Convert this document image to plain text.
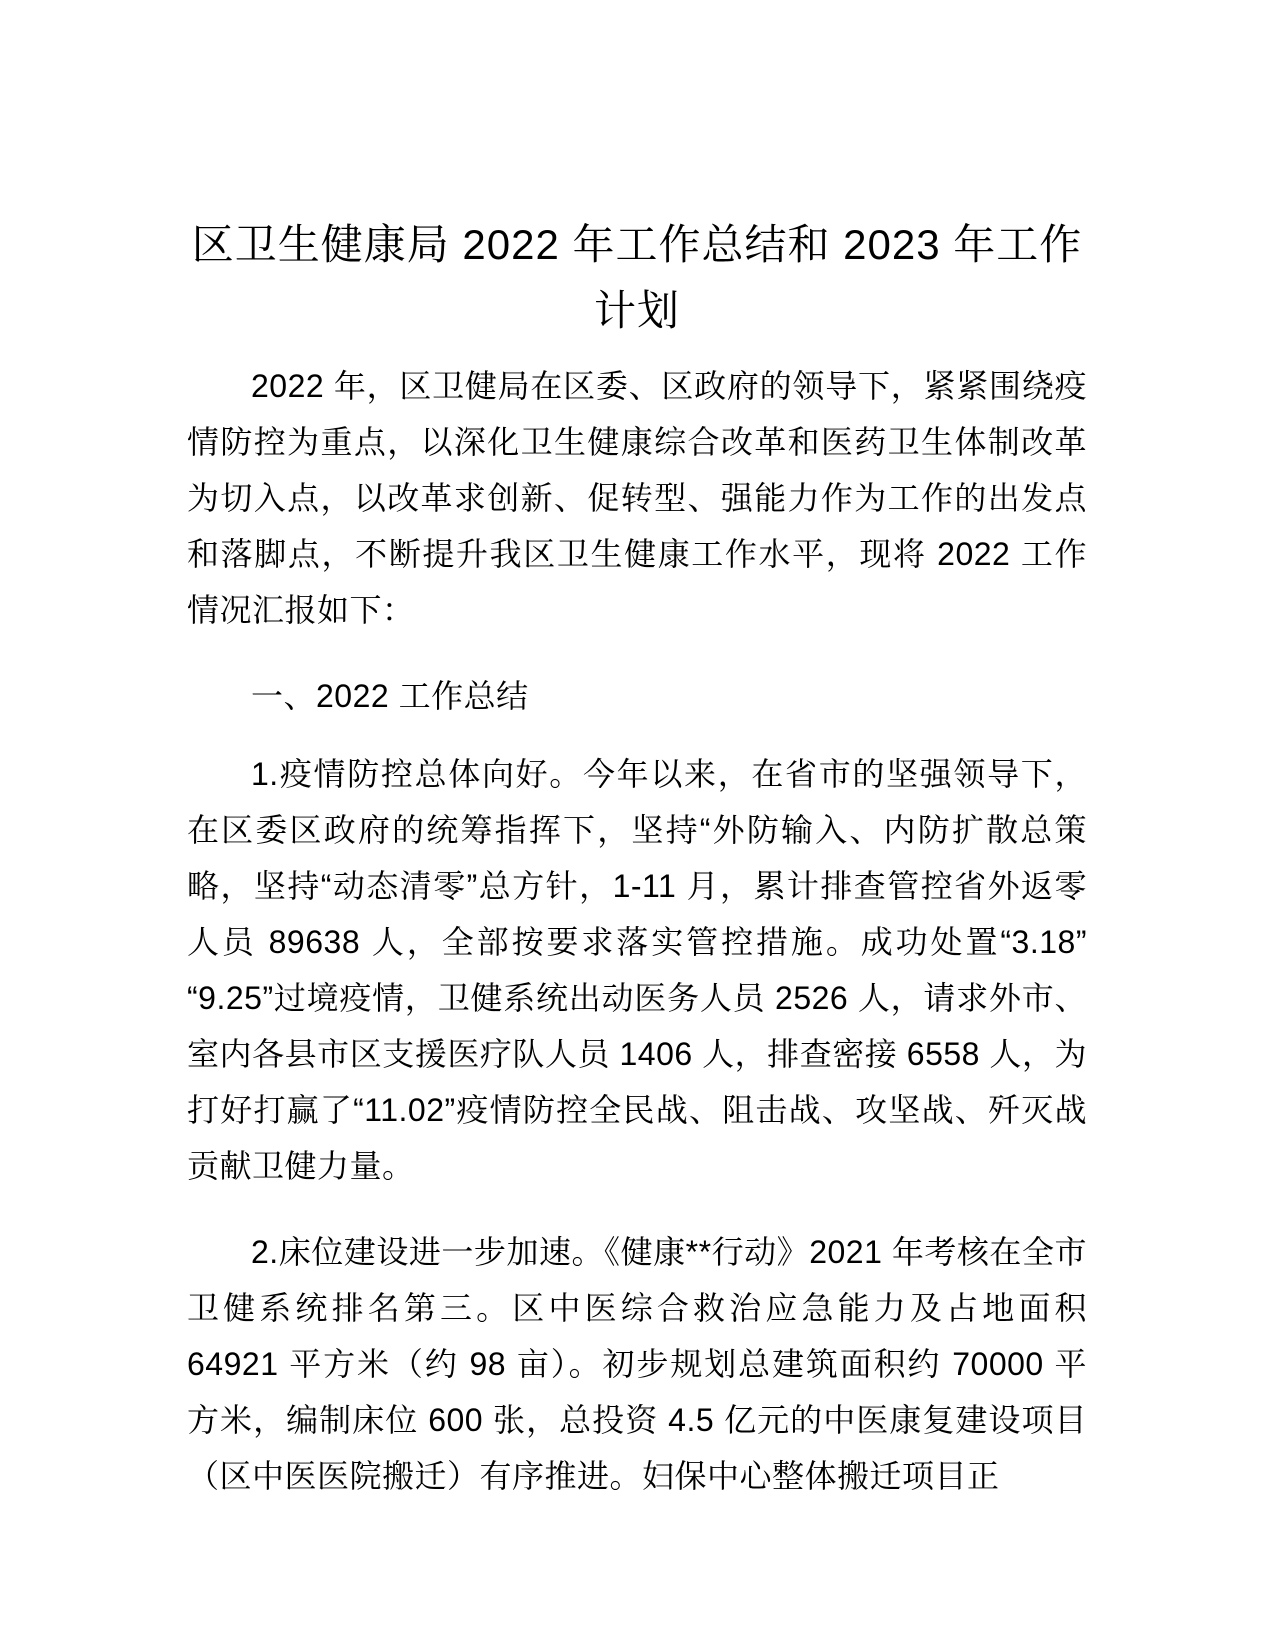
区卫生健康局 2022 年工作总结和 2023 年工作计划

2022 年，区卫健局在区委、区政府的领导下，紧紧围绕疫情防控为重点，以深化卫生健康综合改革和医药卫生体制改革为切入点，以改革求创新、促转型、强能力作为工作的出发点和落脚点，不断提升我区卫生健康工作水平，现将 2022 工作情况汇报如下：

一、2022 工作总结

1.疫情防控总体向好。今年以来，在省市的坚强领导下，在区委区政府的统筹指挥下，坚持“外防输入、内防扩散总策略，坚持“动态清零”总方针，1-11 月，累计排查管控省外返零人员 89638 人，全部按要求落实管控措施。成功处置“3.18”“9.25”过境疫情，卫健系统出动医务人员 2526 人，请求外市、室内各县市区支援医疗队人员 1406 人，排查密接 6558 人，为打好打赢了“11.02”疫情防控全民战、阻击战、攻坚战、歼灭战贡献卫健力量。

2.床位建设进一步加速。《健康**行动》2021 年考核在全市卫健系统排名第三。区中医综合救治应急能力及占地面积 64921 平方米（约 98 亩）。初步规划总建筑面积约 70000 平方米，编制床位 600 张，总投资 4.5 亿元的中医康复建设项目（区中医医院搬迁）有序推进。妇保中心整体搬迁项目正
